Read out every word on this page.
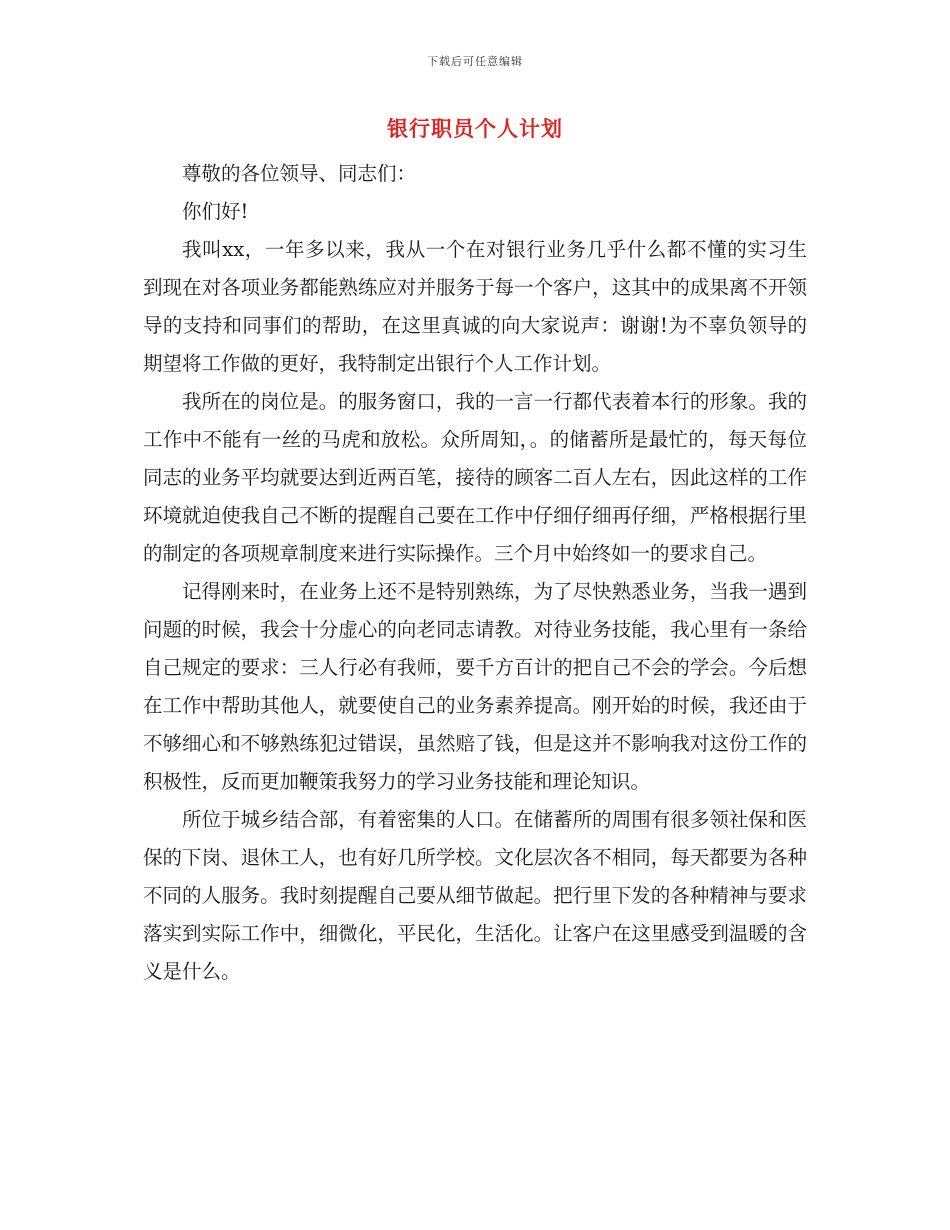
下载后可任意编辑
银行职员个人计划

尊敬的各位领导、同志们：

你们好!

我叫xx，一年多以来，我从一个在对银行业务几乎什么都不懂的实习生到现在对各项业务都能熟练应对并服务于每一个客户，这其中的成果离不开领导的支持和同事们的帮助，在这里真诚的向大家说声：谢谢!为不辜负领导的期望将工作做的更好，我特制定出银行个人工作计划。

我所在的岗位是。的服务窗口，我的一言一行都代表着本行的形象。我的工作中不能有一丝的马虎和放松。众所周知，。的储蓄所是最忙的，每天每位同志的业务平均就要达到近两百笔，接待的顾客二百人左右，因此这样的工作环境就迫使我自己不断的提醒自己要在工作中仔细仔细再仔细，严格根据行里的制定的各项规章制度来进行实际操作。三个月中始终如一的要求自己。

记得刚来时，在业务上还不是特别熟练，为了尽快熟悉业务，当我一遇到问题的时候，我会十分虚心的向老同志请教。对待业务技能，我心里有一条给自己规定的要求：三人行必有我师，要千方百计的把自己不会的学会。今后想在工作中帮助其他人，就要使自己的业务素养提高。刚开始的时候，我还由于不够细心和不够熟练犯过错误，虽然赔了钱，但是这并不影响我对这份工作的积极性，反而更加鞭策我努力的学习业务技能和理论知识。

所位于城乡结合部，有着密集的人口。在储蓄所的周围有很多领社保和医保的下岗、退休工人，也有好几所学校。文化层次各不相同，每天都要为各种不同的人服务。我时刻提醒自己要从细节做起。把行里下发的各种精神与要求落实到实际工作中，细微化，平民化，生活化。让客户在这里感受到温暖的含义是什么。
